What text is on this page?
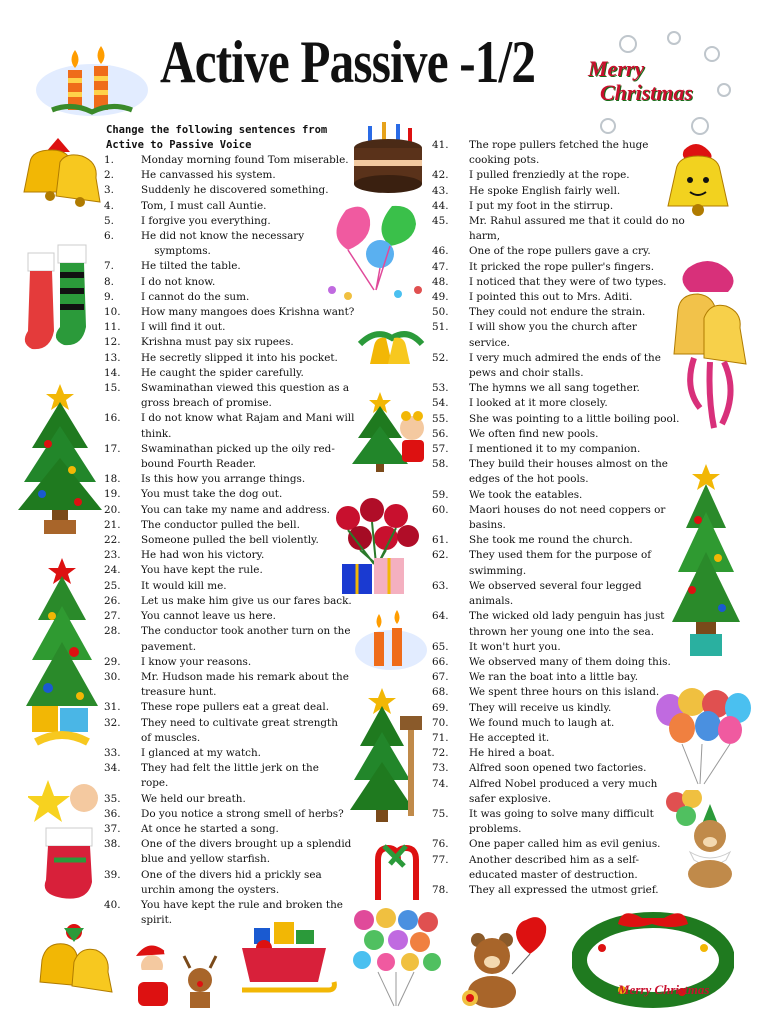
Active Passive -1/2 Merry
Christmas
Merry Christmas
Change the following sentences from
Active to Passive Voice
1.	Monday morning found Tom miserable.
2.	He canvassed his system.
3.	Suddenly he discovered something.
4.	Tom, I must call Auntie.
5.	I forgive you everything.
6.	He did not know the necessary
symptoms.
7.	He tilted the table.
8.	I do not know.
9.	I cannot do the sum.
10. How many mangoes does Krishna want?
11. I will find it out.
12. Krishna must pay six rupees.
13. He secretly slipped it into his pocket.
14. He caught the spider carefully.
15. Swaminathan viewed this question as a
gross breach of promise.
16. I do not know what Rajam and Mani will
think.
17. Swaminathan picked up the oily red-
bound Fourth Reader.
18. Is this how you arrange things.
19. You must take the dog out.
20. You can take my name and address.
21. The conductor pulled the bell.
22. Someone pulled the bell violently.
23. He had won his victory.
24. You have kept the rule.
25. It would kill me.
26. Let us make him give us our fares back.
27. You cannot leave us here.
28. The conductor took another turn on the
pavement.
29. I know your reasons.
30. Mr. Hudson made his remark about the
treasure hunt.
31. These rope pullers eat a great deal.
32. They need to cultivate great strength
of muscles.
33. I glanced at my watch.
34. They had felt the little jerk on the
rope.
35. We held our breath.
36. Do you notice a strong smell of herbs?
37. At once he started a song.
38. One of the divers brought up a splendid
blue and yellow starfish.
39. One of the divers hid a prickly sea
urchin among the oysters.
40. You have kept the rule and broken the
spirit.
41. The rope pullers fetched the huge
cooking pots.
42. I pulled frenziedly at the rope.
43. He spoke English fairly well.
44. I put my foot in the stirrup.
45. Mr. Rahul assured me that it could do no
harm,
46. One of the rope pullers gave a cry.
47. It pricked the rope puller's fingers.
48. I noticed that they were of two types.
49. I pointed this out to Mrs. Aditi.
50. They could not endure the strain.
51. I will show you the church after
service.
52. I very much admired the ends of the
pews and choir stalls.
53. The hymns we all sang together.
54. I looked at it more closely.
55. She was pointing to a little boiling pool.
56. We often find new pools.
57. I mentioned it to my companion.
58. They build their houses almost on the
edges of the hot pools.
59. We took the eatables.
60. Maori houses do not need coppers or
basins.
61. She took me round the church.
62. They used them for the purpose of
swimming.
63. We observed several four legged
animals.
64. The wicked old lady penguin has just
thrown her young one into the sea.
65. It won't hurt you.
66. We observed many of them doing this.
67. We ran the boat into a little bay.
68. We spent three hours on this island.
69. They will receive us kindly.
70. We found much to laugh at.
71. He accepted it.
72. He hired a boat.
73. Alfred soon opened two factories.
74. Alfred Nobel produced a very much
safer explosive.
75. It was going to solve many difficult
problems.
76. One paper called him as evil genius.
77. Another described him as a self-
educated master of destruction.
78. They all expressed the utmost grief.
